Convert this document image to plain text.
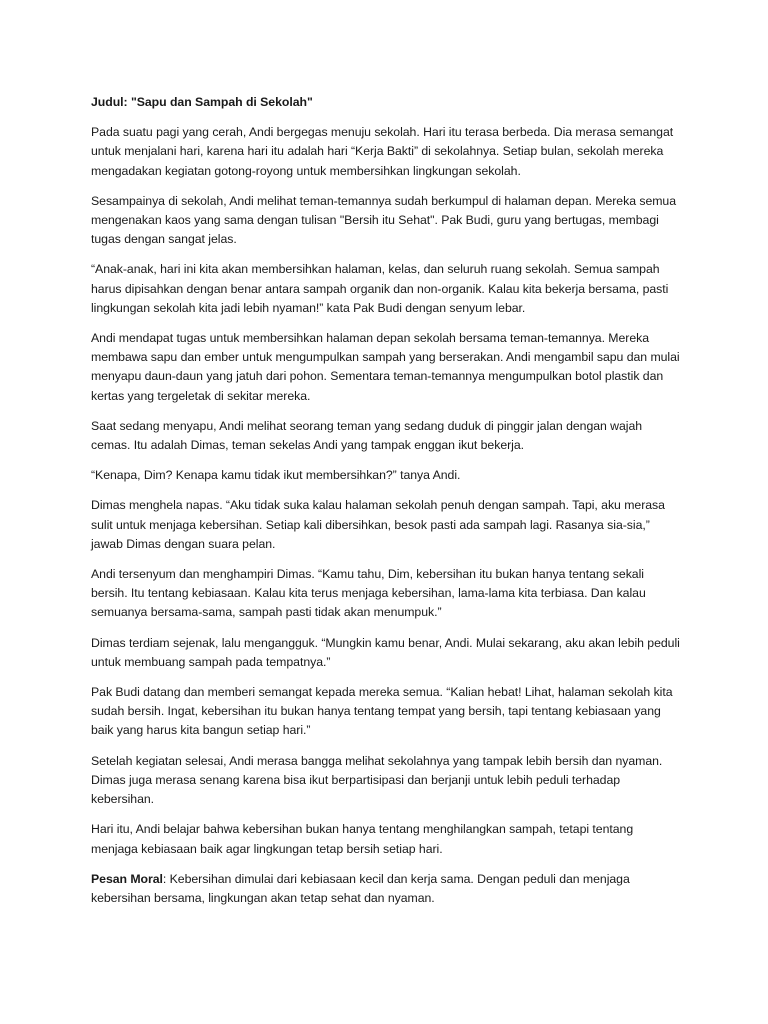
Judul: "Sapu dan Sampah di Sekolah"

Pada suatu pagi yang cerah, Andi bergegas menuju sekolah. Hari itu terasa berbeda. Dia merasa semangat untuk menjalani hari, karena hari itu adalah hari “Kerja Bakti” di sekolahnya. Setiap bulan, sekolah mereka mengadakan kegiatan gotong-royong untuk membersihkan lingkungan sekolah.

Sesampainya di sekolah, Andi melihat teman-temannya sudah berkumpul di halaman depan. Mereka semua mengenakan kaos yang sama dengan tulisan "Bersih itu Sehat". Pak Budi, guru yang bertugas, membagi tugas dengan sangat jelas.

“Anak-anak, hari ini kita akan membersihkan halaman, kelas, dan seluruh ruang sekolah. Semua sampah harus dipisahkan dengan benar antara sampah organik dan non-organik. Kalau kita bekerja bersama, pasti lingkungan sekolah kita jadi lebih nyaman!” kata Pak Budi dengan senyum lebar.

Andi mendapat tugas untuk membersihkan halaman depan sekolah bersama teman-temannya. Mereka membawa sapu dan ember untuk mengumpulkan sampah yang berserakan. Andi mengambil sapu dan mulai menyapu daun-daun yang jatuh dari pohon. Sementara teman-temannya mengumpulkan botol plastik dan kertas yang tergeletak di sekitar mereka.

Saat sedang menyapu, Andi melihat seorang teman yang sedang duduk di pinggir jalan dengan wajah cemas. Itu adalah Dimas, teman sekelas Andi yang tampak enggan ikut bekerja.

“Kenapa, Dim? Kenapa kamu tidak ikut membersihkan?” tanya Andi.

Dimas menghela napas. “Aku tidak suka kalau halaman sekolah penuh dengan sampah. Tapi, aku merasa sulit untuk menjaga kebersihan. Setiap kali dibersihkan, besok pasti ada sampah lagi. Rasanya sia-sia,” jawab Dimas dengan suara pelan.

Andi tersenyum dan menghampiri Dimas. “Kamu tahu, Dim, kebersihan itu bukan hanya tentang sekali bersih. Itu tentang kebiasaan. Kalau kita terus menjaga kebersihan, lama-lama kita terbiasa. Dan kalau semuanya bersama-sama, sampah pasti tidak akan menumpuk.”

Dimas terdiam sejenak, lalu mengangguk. “Mungkin kamu benar, Andi. Mulai sekarang, aku akan lebih peduli untuk membuang sampah pada tempatnya.”

Pak Budi datang dan memberi semangat kepada mereka semua. “Kalian hebat! Lihat, halaman sekolah kita sudah bersih. Ingat, kebersihan itu bukan hanya tentang tempat yang bersih, tapi tentang kebiasaan yang baik yang harus kita bangun setiap hari.”

Setelah kegiatan selesai, Andi merasa bangga melihat sekolahnya yang tampak lebih bersih dan nyaman. Dimas juga merasa senang karena bisa ikut berpartisipasi dan berjanji untuk lebih peduli terhadap kebersihan.

Hari itu, Andi belajar bahwa kebersihan bukan hanya tentang menghilangkan sampah, tetapi tentang menjaga kebiasaan baik agar lingkungan tetap bersih setiap hari.

Pesan Moral: Kebersihan dimulai dari kebiasaan kecil dan kerja sama. Dengan peduli dan menjaga kebersihan bersama, lingkungan akan tetap sehat dan nyaman.
